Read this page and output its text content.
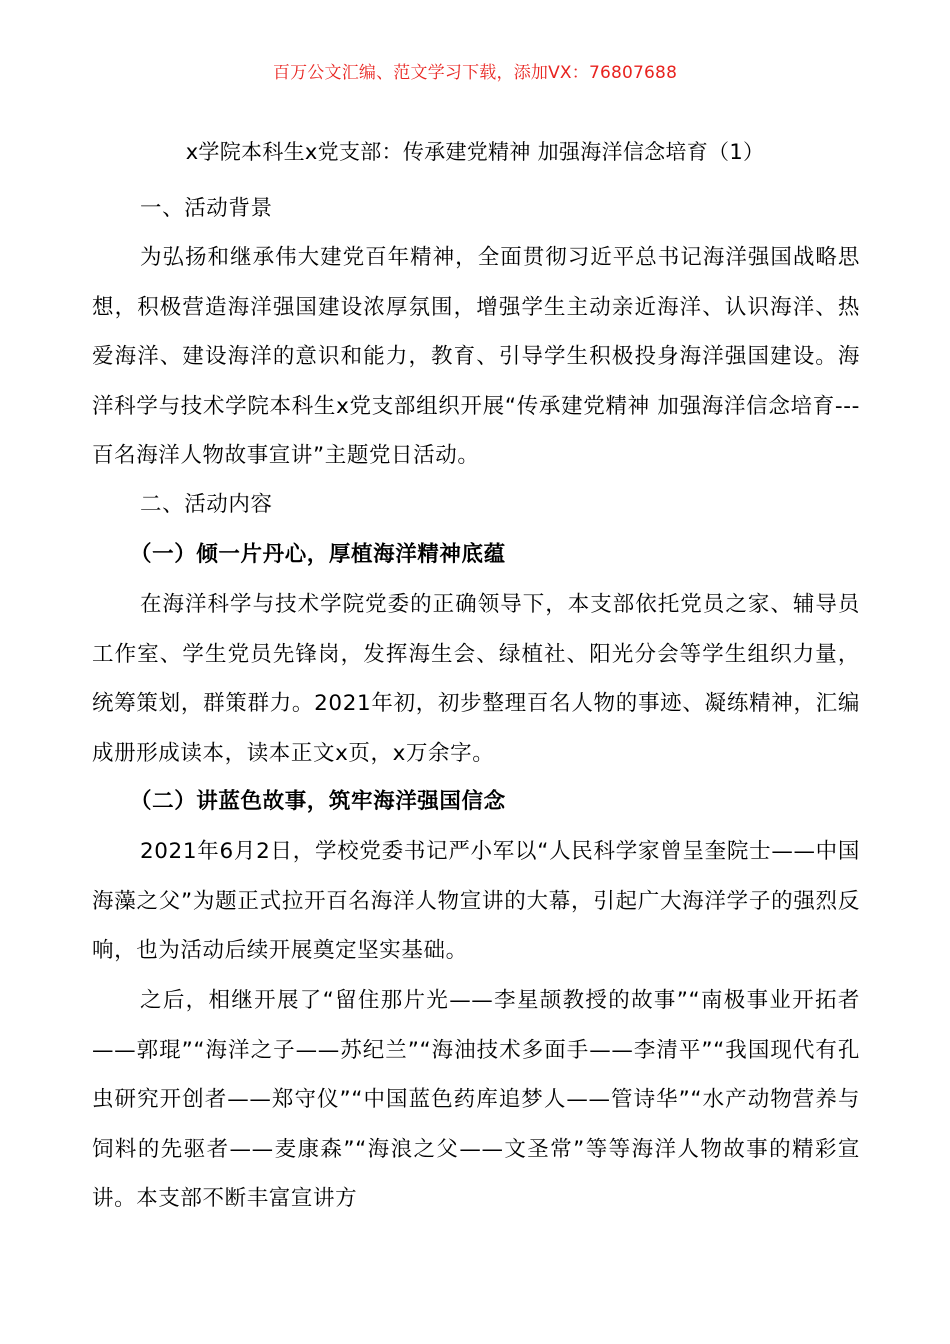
百万公文汇编、范文学习下载，添加VX：76807688
x学院本科生x党支部：传承建党精神 加强海洋信念培育（1）
一、活动背景

为弘扬和继承伟大建党百年精神，全面贯彻习近平总书记海洋强国战略思想，积极营造海洋强国建设浓厚氛围，增强学生主动亲近海洋、认识海洋、热爱海洋、建设海洋的意识和能力，教育、引导学生积极投身海洋强国建设。海洋科学与技术学院本科生x党支部组织开展“传承建党精神 加强海洋信念培育---百名海洋人物故事宣讲”主题党日活动。

二、活动内容
（一）倾一片丹心，厚植海洋精神底蕴

在海洋科学与技术学院党委的正确领导下，本支部依托党员之家、辅导员工作室、学生党员先锋岗，发挥海生会、绿植社、阳光分会等学生组织力量，统筹策划，群策群力。2021年初，初步整理百名人物的事迹、凝练精神，汇编成册形成读本，读本正文x页，x万余字。

（二）讲蓝色故事，筑牢海洋强国信念

2021年6月2日，学校党委书记严小军以“人民科学家曾呈奎院士——中国海藻之父”为题正式拉开百名海洋人物宣讲的大幕，引起广大海洋学子的强烈反响，也为活动后续开展奠定坚实基础。

之后，相继开展了“留住那片光——李星颉教授的故事”“南极事业开拓者——郭琨”“海洋之子——苏纪兰”“海油技术多面手——李清平”“我国现代有孔虫研究开创者——郑守仪”“中国蓝色药库追梦人——管诗华”“水产动物营养与饲料的先驱者——麦康森”“海浪之父——文圣常”等等海洋人物故事的精彩宣讲。本支部不断丰富宣讲方
